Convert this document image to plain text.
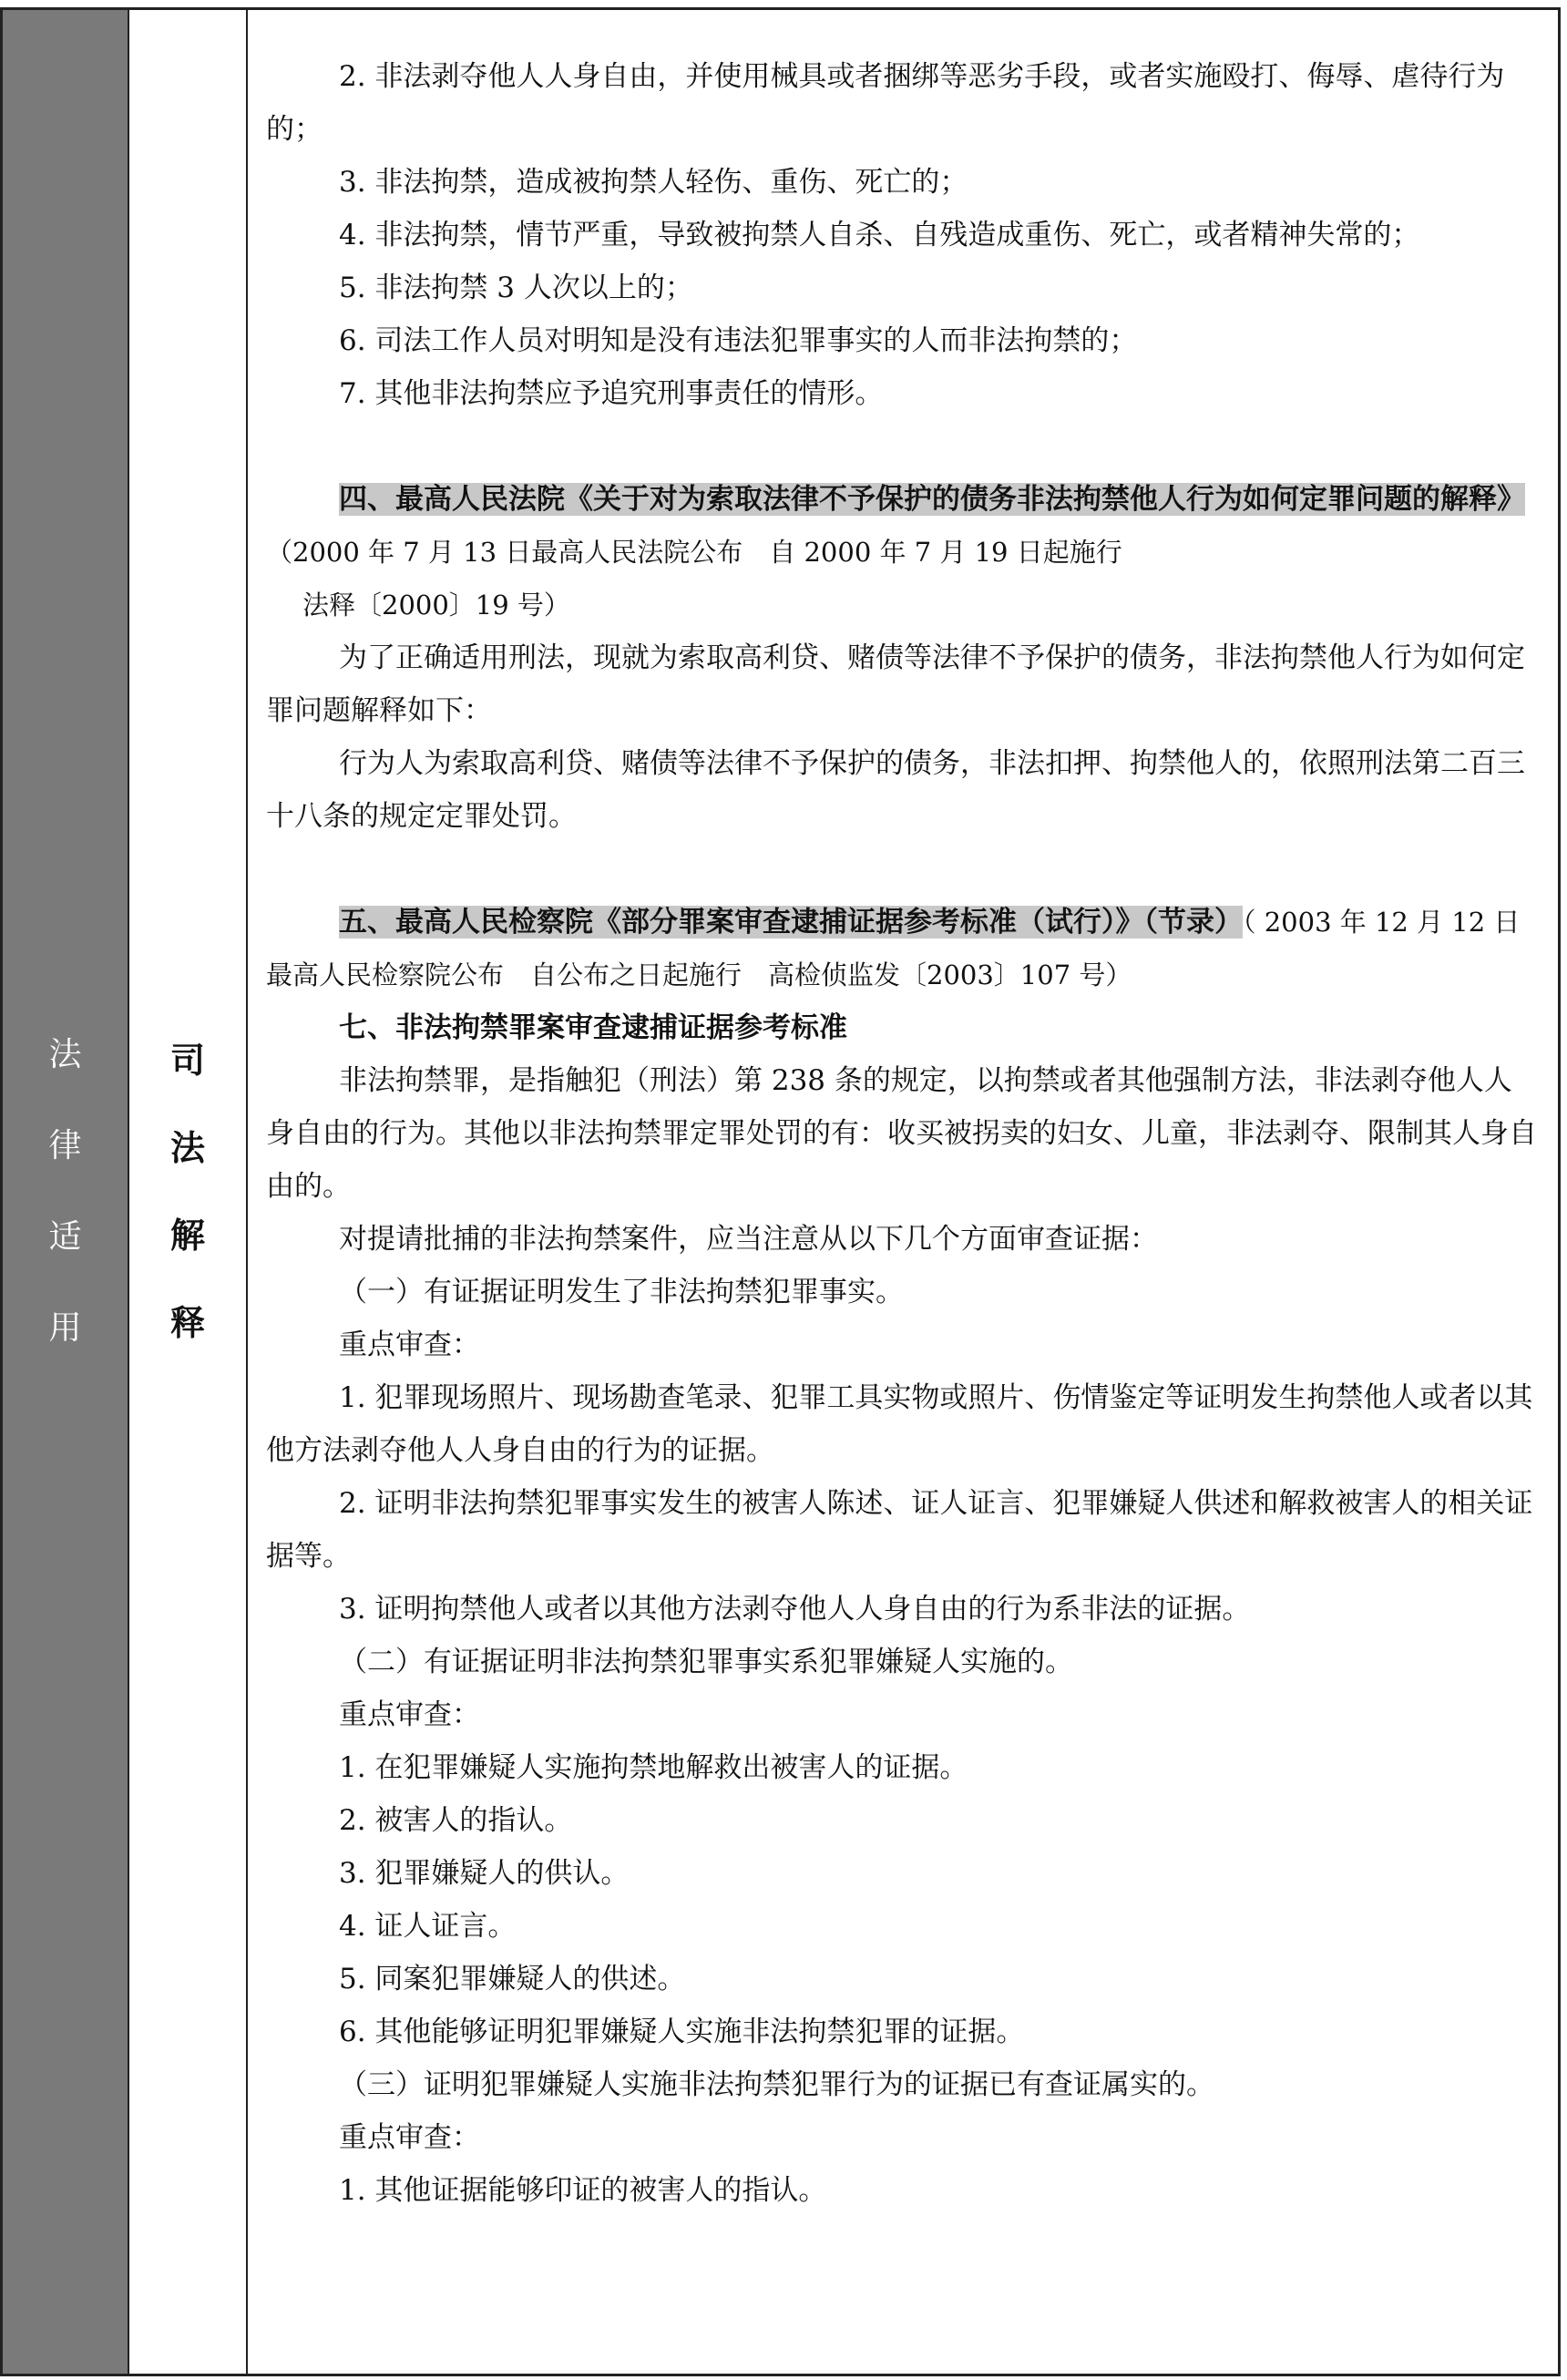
法
律
适
用
司
法
解
释

2. 非法剥夺他人人身自由，并使用械具或者捆绑等恶劣手段，或者实施殴打、侮辱、虐待行为的；

3. 非法拘禁，造成被拘禁人轻伤、重伤、死亡的；

4. 非法拘禁，情节严重，导致被拘禁人自杀、自残造成重伤、死亡，或者精神失常的；

5. 非法拘禁 3 人次以上的；

6. 司法工作人员对明知是没有违法犯罪事实的人而非法拘禁的；

7. 其他非法拘禁应予追究刑事责任的情形。

四、最高人民法院《关于对为索取法律不予保护的债务非法拘禁他人行为如何定罪问题的解释》（2000 年 7 月 13 日最高人民法院公布　自 2000 年 7 月 19 日起施行

法释〔2000〕19 号）

为了正确适用刑法，现就为索取高利贷、赌债等法律不予保护的债务，非法拘禁他人行为如何定罪问题解释如下：

行为人为索取高利贷、赌债等法律不予保护的债务，非法扣押、拘禁他人的，依照刑法第二百三十八条的规定定罪处罚。

五、最高人民检察院《部分罪案审查逮捕证据参考标准（试行）》（节录）（ 2003 年 12 月 12 日最高人民检察院公布　自公布之日起施行　高检侦监发〔2003〕107 号）

七、非法拘禁罪案审查逮捕证据参考标准

非法拘禁罪，是指触犯（刑法）第 238 条的规定，以拘禁或者其他强制方法，非法剥夺他人人身自由的行为。其他以非法拘禁罪定罪处罚的有：收买被拐卖的妇女、儿童，非法剥夺、限制其人身自由的。

对提请批捕的非法拘禁案件，应当注意从以下几个方面审查证据：

（一）有证据证明发生了非法拘禁犯罪事实。

重点审查：

1. 犯罪现场照片、现场勘查笔录、犯罪工具实物或照片、伤情鉴定等证明发生拘禁他人或者以其他方法剥夺他人人身自由的行为的证据。

2. 证明非法拘禁犯罪事实发生的被害人陈述、证人证言、犯罪嫌疑人供述和解救被害人的相关证据等。

3. 证明拘禁他人或者以其他方法剥夺他人人身自由的行为系非法的证据。

（二）有证据证明非法拘禁犯罪事实系犯罪嫌疑人实施的。

重点审查：

1. 在犯罪嫌疑人实施拘禁地解救出被害人的证据。

2. 被害人的指认。

3. 犯罪嫌疑人的供认。

4. 证人证言。

5. 同案犯罪嫌疑人的供述。

6. 其他能够证明犯罪嫌疑人实施非法拘禁犯罪的证据。

（三）证明犯罪嫌疑人实施非法拘禁犯罪行为的证据已有查证属实的。

重点审查：

1. 其他证据能够印证的被害人的指认。
